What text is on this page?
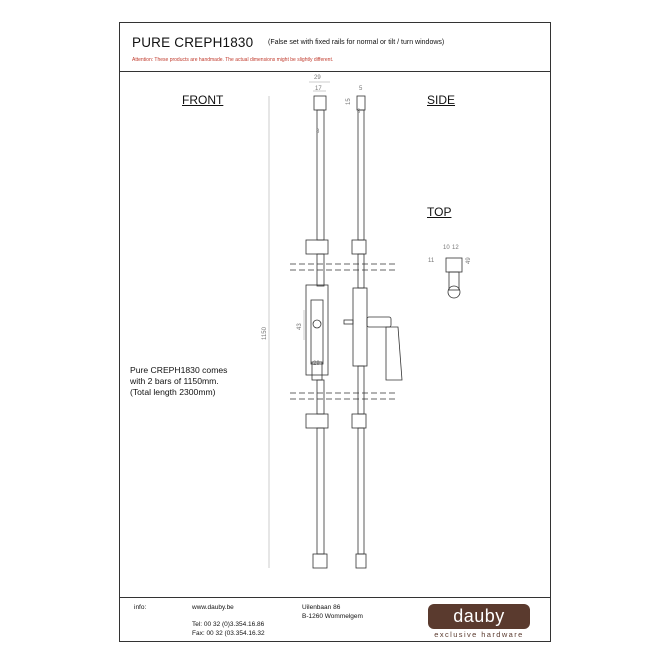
PURE CREPH1830 (False set with fixed rails for normal or tilt / turn windows)
Attention: These products are handmade. The actual dimensions might be slightly different.
FRONT	SIDE
TOP
Pure CREPH1830 comes
with 2 bars of 1150mm.
(Total length 2300mm)
info:	www.dauby.be
Tel: 00 32 (0)3.354.16.86
Fax: 00 32 (03.354.16.32
Uilenbaan 86
B-1260 Wommelgem	dauby
exclusive hardware
1150
29
17
8
43
29
5
15
8
10 12
11	49
